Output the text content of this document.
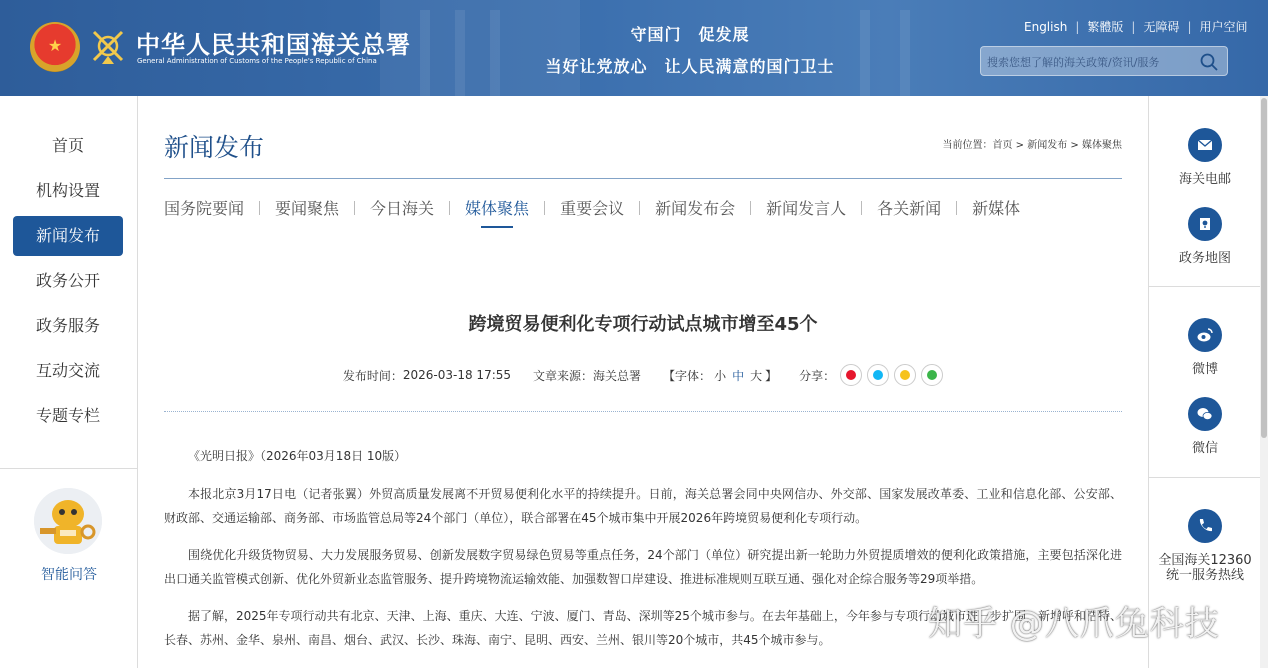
★	中华人民共和国海关总署
General Administration of Customs of the People's Republic of China
守国门　促发展
当好让党放心　让人民满意的国门卫士
English | 繁體版 | 无障碍 | 用户空间
搜索您想了解的海关政策/资讯/服务
首页
机构设置
新闻发布
政务公开
政务服务
互动交流
专题专栏
智能问答
新闻发布	当前位置：首页 > 新闻发布 > 媒体聚焦
国务院要闻 要闻聚焦 今日海关 媒体聚焦 重要会议 新闻发布会 新闻发言人 各关新闻 新媒体
跨境贸易便利化专项行动试点城市增至45个
发布时间： 2026-03-18 17:55 文章来源： 海关总署 【字体： 小 中 大 】 分享：

《光明日报》（2026年03月18日 10版）

本报北京3月17日电（记者张翼）外贸高质量发展离不开贸易便利化水平的持续提升。日前，海关总署会同中央网信办、外交部、国家发展改革委、工业和信息化部、公安部、财政部、交通运输部、商务部、市场监管总局等24个部门（单位），联合部署在45个城市集中开展2026年跨境贸易便利化专项行动。

围绕优化升级货物贸易、大力发展服务贸易、创新发展数字贸易绿色贸易等重点任务，24个部门（单位）研究提出新一轮助力外贸提质增效的便利化政策措施，主要包括深化进出口通关监管模式创新、优化外贸新业态监管服务、提升跨境物流运输效能、加强数智口岸建设、推进标准规则互联互通、强化对企综合服务等29项举措。

据了解，2025年专项行动共有北京、天津、上海、重庆、大连、宁波、厦门、青岛、深圳等25个城市参与。在去年基础上，今年参与专项行动城市进一步扩围，新增呼和浩特、长春、苏州、金华、泉州、南昌、烟台、武汉、长沙、珠海、南宁、昆明、西安、兰州、银川等20个城市，共45个城市参与。

海关电邮
政务地图
微博
微信
全国海关12360
统一服务热线
知乎 @八爪兔科技
